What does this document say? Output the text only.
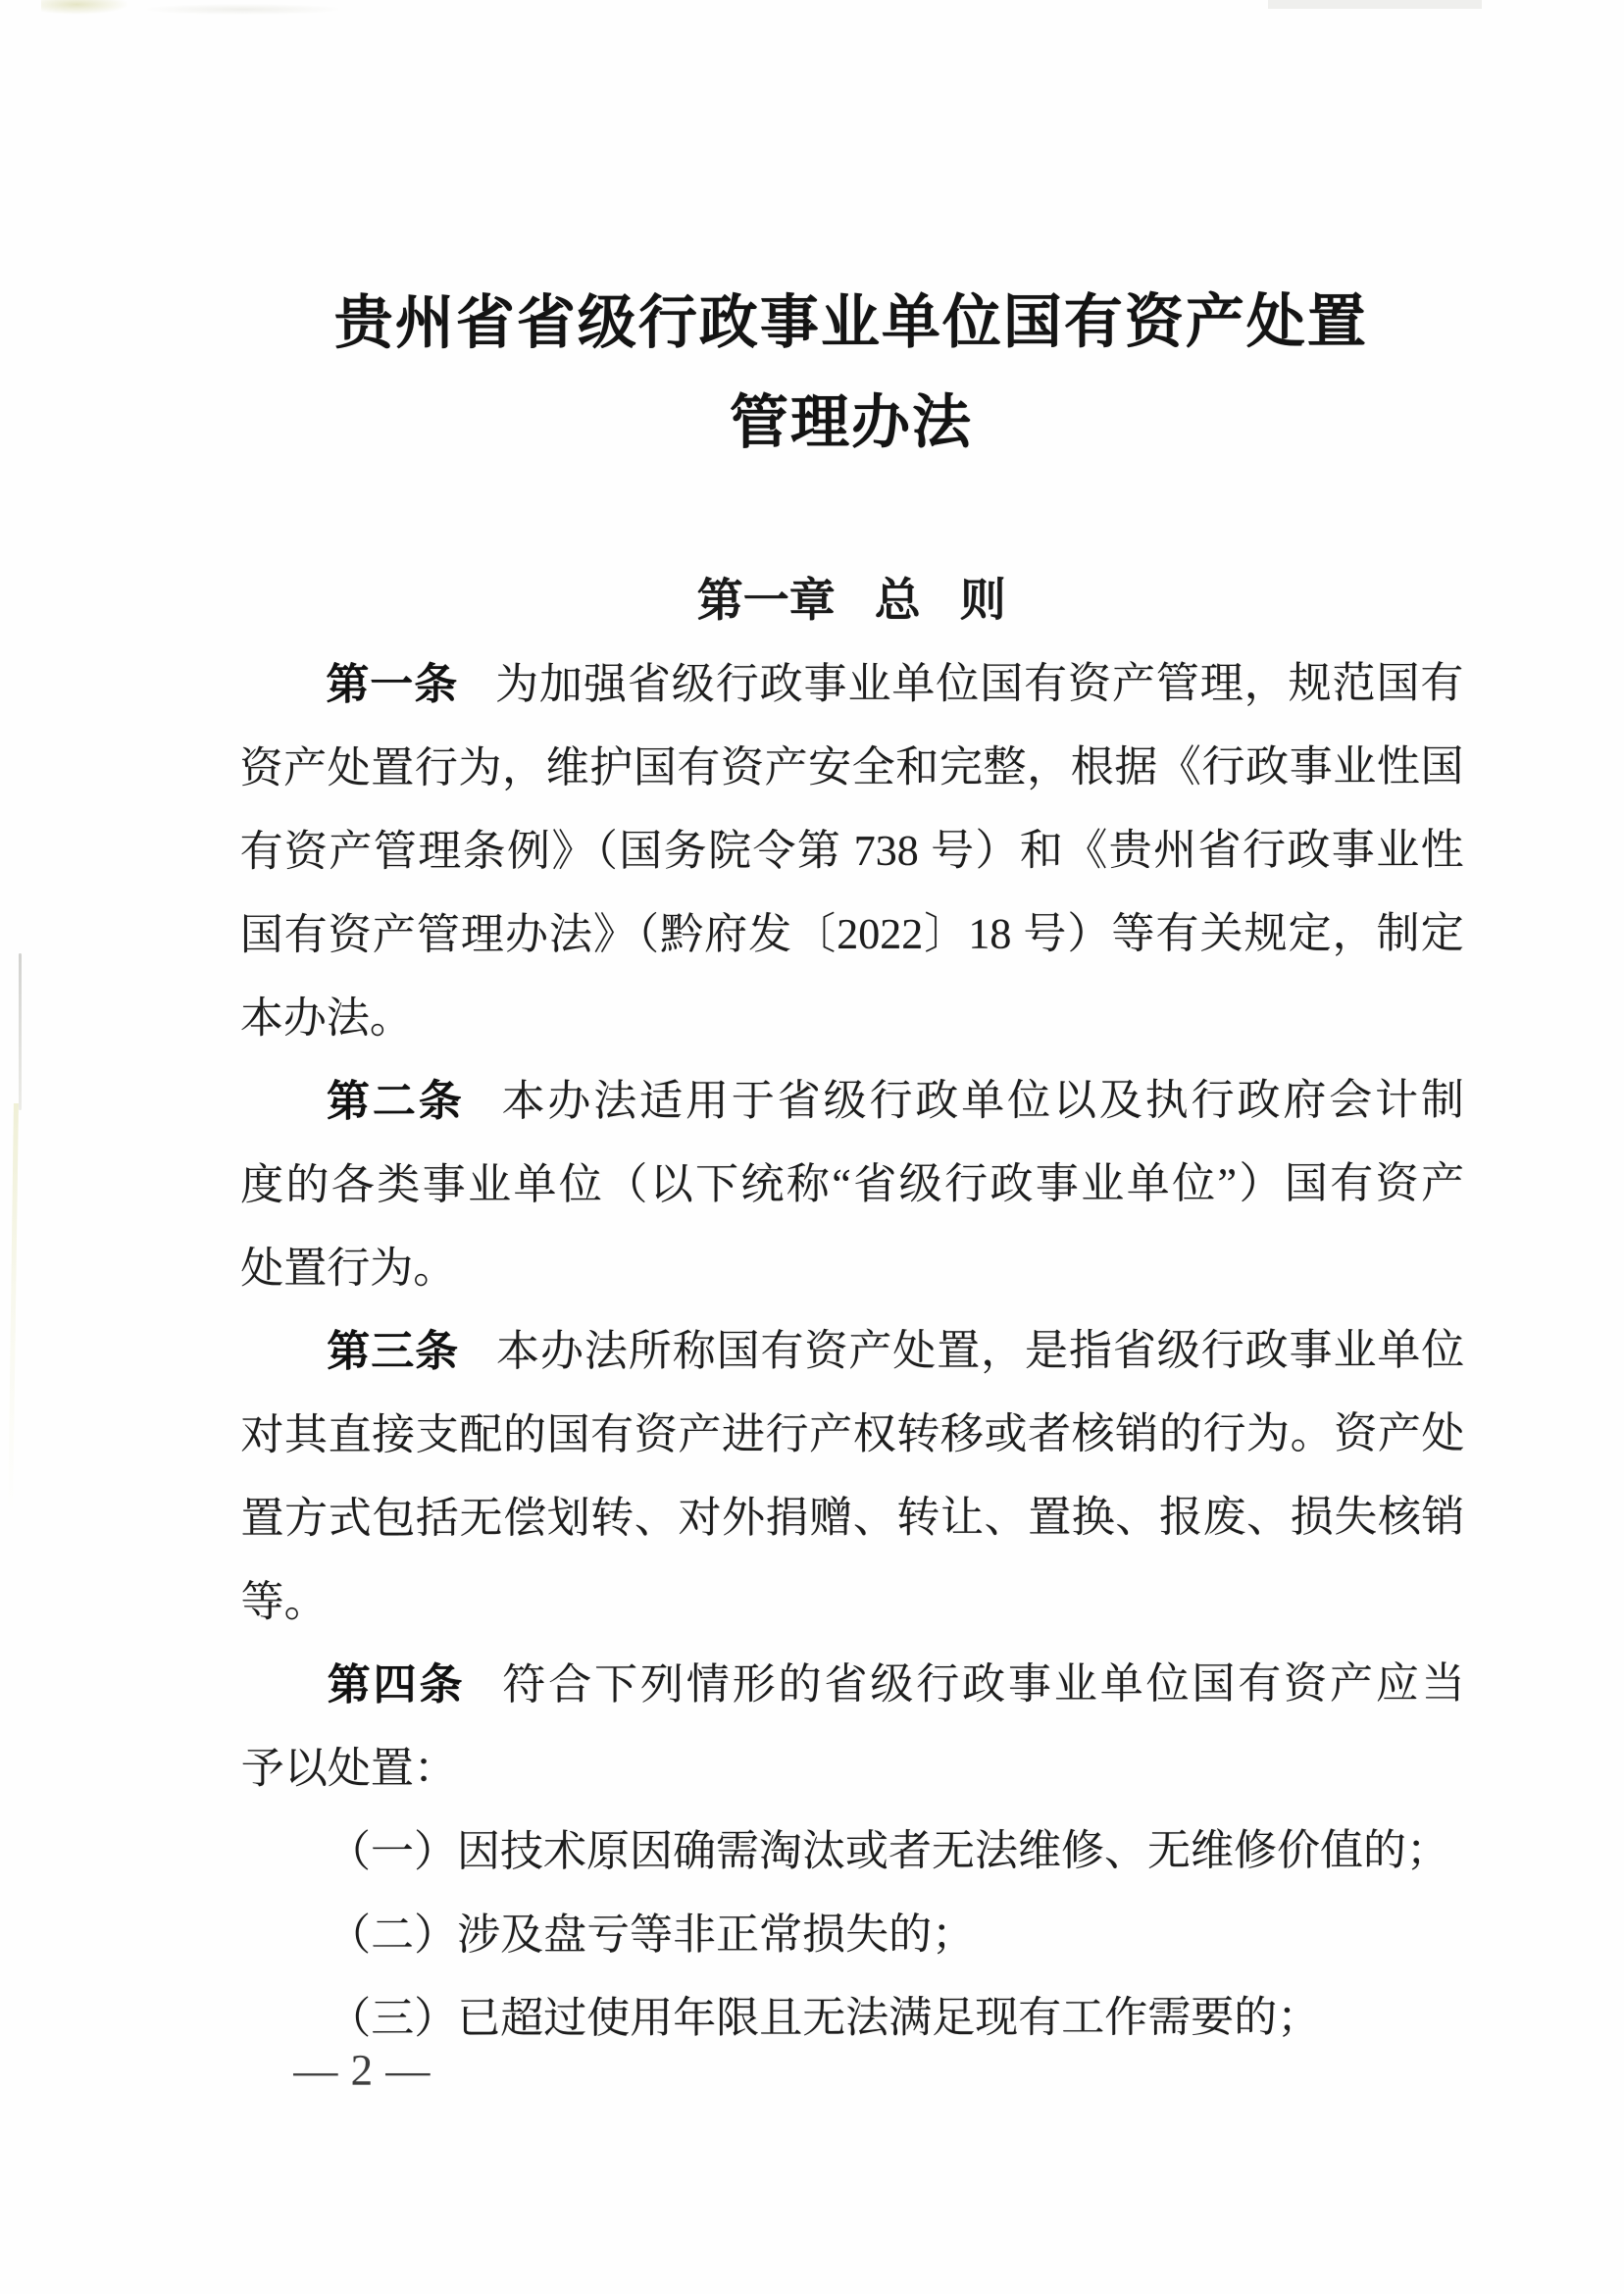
贵州省省级行政事业单位国有资产处置
管理办法
第一章 总 则
第一条 为加强省级行政事业单位国有资产管理，规范国有
资产处置行为，维护国有资产安全和完整，根据《行政事业性国
有资产管理条例》（国务院令第 738 号）和《贵州省行政事业性
国有资产管理办法》（黔府发〔2022〕18 号）等有关规定，制定
本办法。
第二条 本办法适用于省级行政单位以及执行政府会计制
度的各类事业单位（以下统称“省级行政事业单位”）国有资产
处置行为。
第三条 本办法所称国有资产处置，是指省级行政事业单位
对其直接支配的国有资产进行产权转移或者核销的行为。资产处
置方式包括无偿划转、对外捐赠、转让、置换、报废、损失核销
等。
第四条 符合下列情形的省级行政事业单位国有资产应当
予以处置：
（一）因技术原因确需淘汰或者无法维修、无维修价值的；
（二）涉及盘亏等非正常损失的；
（三）已超过使用年限且无法满足现有工作需要的；
— 2 —
